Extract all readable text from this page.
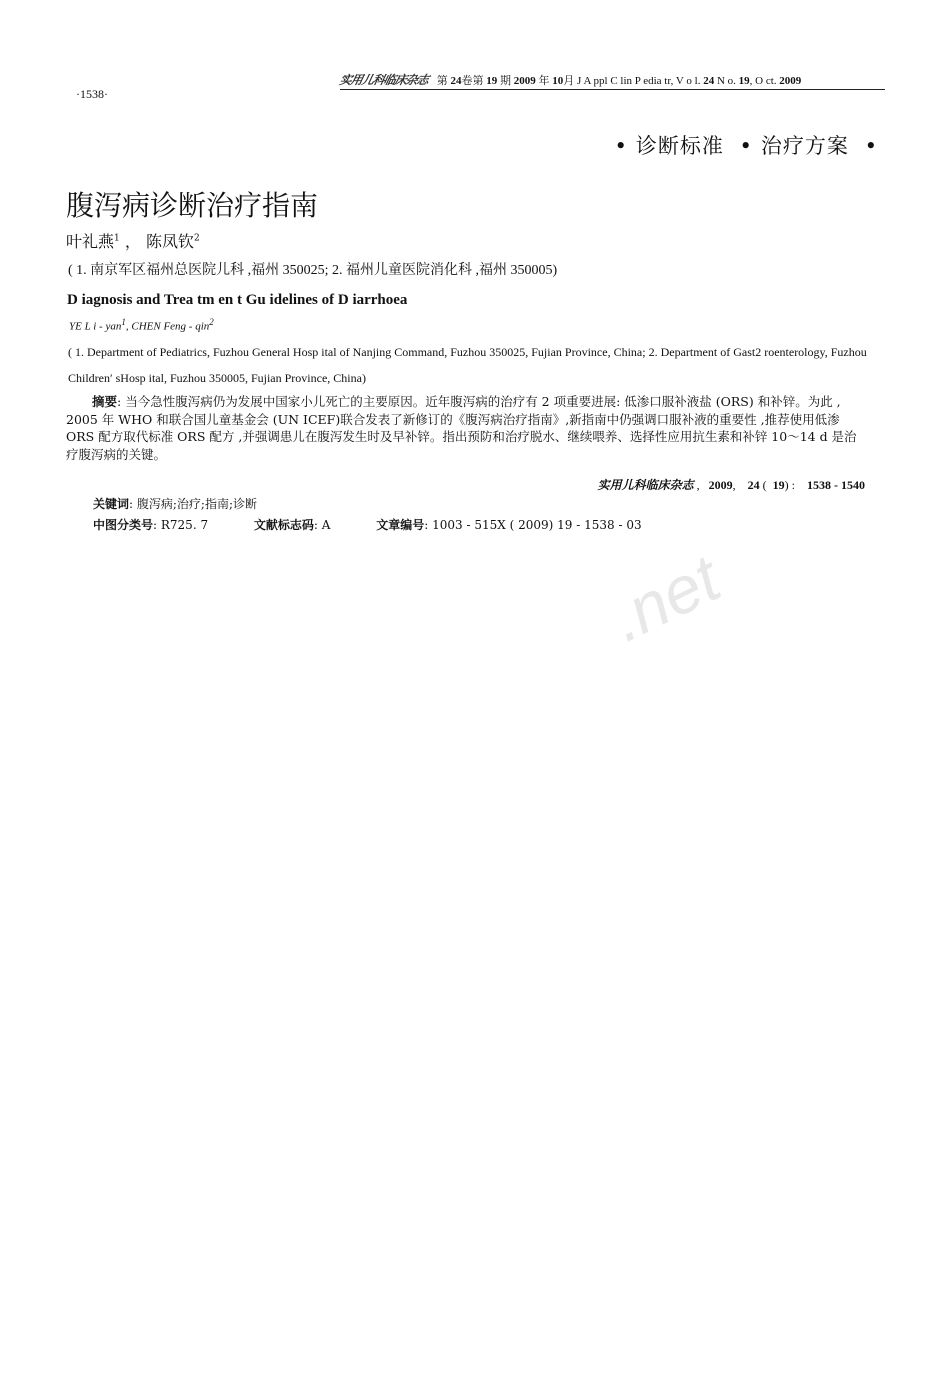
·1538·
实用儿科临床杂志 第 24卷第 19 期 2009 年 10月 J A ppl C lin P edia tr, V o l. 24 N o. 19, O ct. 2009
• 诊断标准 • 治疗方案 •
腹泻病诊断治疗指南
叶礼燕$^1$ ， 陈凤钦$^2$
( 1. 南京军区福州总医院儿科 ,福州 350025; 2. 福州儿童医院消化科 ,福州 350005)
D iagnosis and Trea tm en t Gu idelines of D iarrhoea
YE L i - yan$^1$, CHEN Feng - qin$^2$
( 1. Department of Pediatrics, Fuzhou General Hosp ital of Nanjing Command, Fuzhou 350025, Fujian Province, China; 2. Department of Gast2 roenterology, Fuzhou Children′ sHosp ital, Fuzhou 350005, Fujian Province, China)
摘要: 当今急性腹泻病仍为发展中国家小儿死亡的主要原因。近年腹泻病的治疗有 2 项重要进展: 低渗口服补液盐 (ORS) 和补锌。为此 , 2005 年 WHO 和联合国儿童基金会 (UN ICEF)联合发表了新修订的《腹泻病治疗指南》,新指南中仍强调口服补液的重要性 ,推荐使用低渗 ORS 配方取代标准 ORS 配方 ,并强调患儿在腹泻发生时及早补锌。指出预防和治疗脱水、继续喂养、选择性应用抗生素和补锌 10～14 d 是治疗腹泻病的关键。
实用儿科临床杂志 ,   2009,    24 (  19) :    1538 - 1540
关键词: 腹泻病;治疗;指南;诊断
中图分类号: R725. 7	文献标志码: A	文章编号: 1003 - 515X ( 2009) 19 - 1538 - 03
.net
